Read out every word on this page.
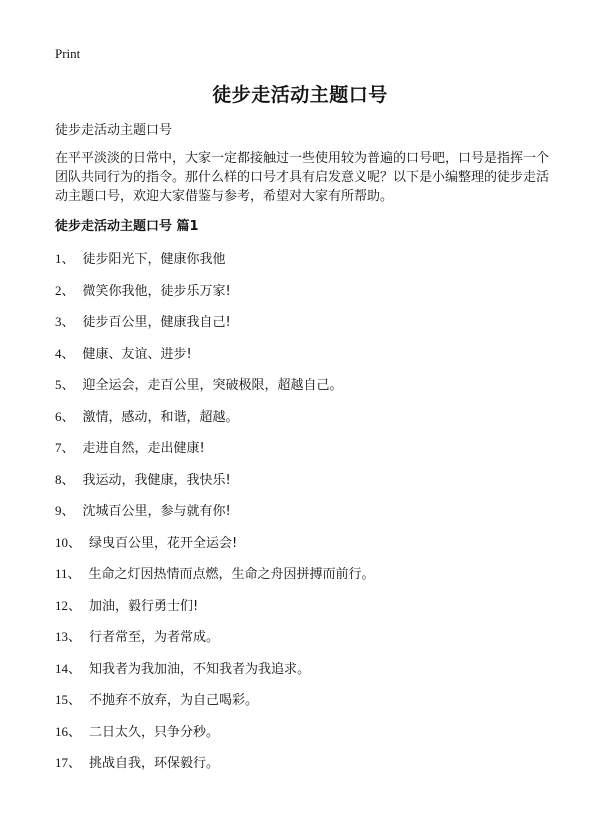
Print
徒步走活动主题口号

徒步走活动主题口号

在平平淡淡的日常中，大家一定都接触过一些使用较为普遍的口号吧，口号是指挥一个团队共同行为的指令。那什么样的口号才具有启发意义呢？以下是小编整理的徒步走活动主题口号，欢迎大家借鉴与参考，希望对大家有所帮助。

徒步走活动主题口号 篇1
1、 徒步阳光下，健康你我他
2、 微笑你我他，徒步乐万家!
3、 徒步百公里，健康我自己!
4、 健康、友谊、进步!
5、 迎全运会，走百公里，突破极限，超越自己。
6、 激情，感动，和谐，超越。
7、 走进自然，走出健康!
8、 我运动，我健康，我快乐!
9、 沈城百公里，参与就有你!
10、 绿曳百公里，花开全运会!
11、 生命之灯因热情而点燃，生命之舟因拼搏而前行。
12、 加油，毅行勇士们!
13、 行者常至，为者常成。
14、 知我者为我加油，不知我者为我追求。
15、 不抛弃不放弃，为自己喝彩。
16、 二日太久，只争分秒。
17、 挑战自我，环保毅行。
